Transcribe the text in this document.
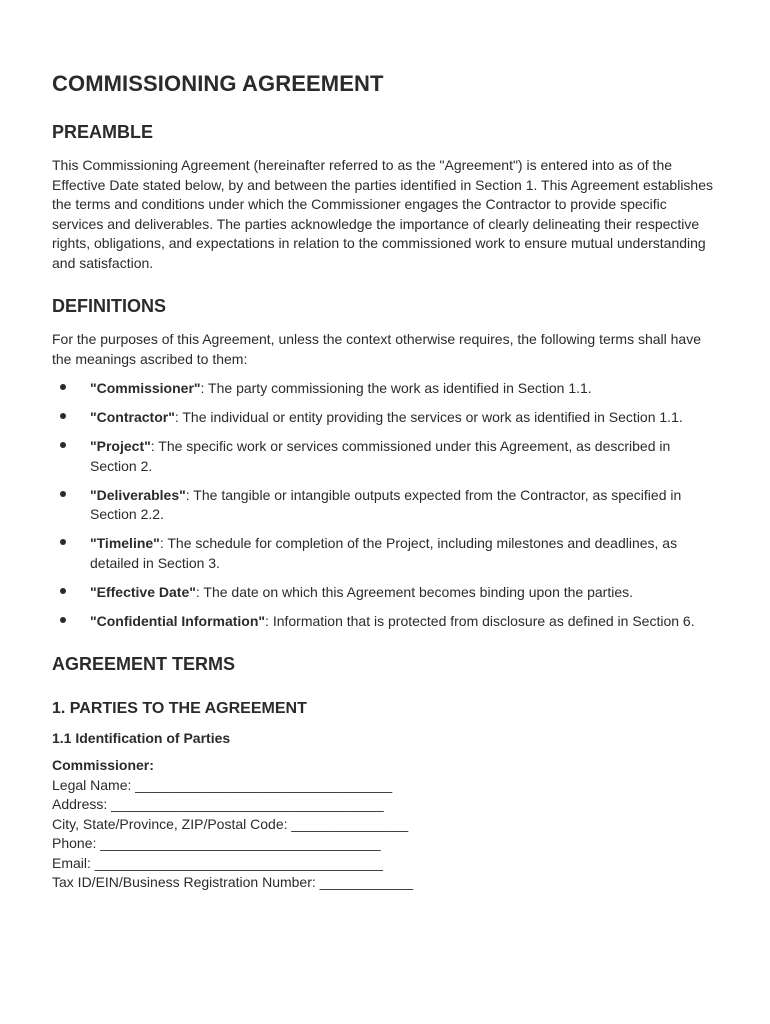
COMMISSIONING AGREEMENT
PREAMBLE

This Commissioning Agreement (hereinafter referred to as the "Agreement") is entered into as of the Effective Date stated below, by and between the parties identified in Section 1. This Agreement establishes the terms and conditions under which the Commissioner engages the Contractor to provide specific services and deliverables. The parties acknowledge the importance of clearly delineating their respective rights, obligations, and expectations in relation to the commissioned work to ensure mutual understanding and satisfaction.

DEFINITIONS

For the purposes of this Agreement, unless the context otherwise requires, the following terms shall have the meanings ascribed to them:

"Commissioner": The party commissioning the work as identified in Section 1.1.
"Contractor": The individual or entity providing the services or work as identified in Section 1.1.
"Project": The specific work or services commissioned under this Agreement, as described in Section 2.
"Deliverables": The tangible or intangible outputs expected from the Contractor, as specified in Section 2.2.
"Timeline": The schedule for completion of the Project, including milestones and deadlines, as detailed in Section 3.
"Effective Date": The date on which this Agreement becomes binding upon the parties.
"Confidential Information": Information that is protected from disclosure as defined in Section 6.
AGREEMENT TERMS
1. PARTIES TO THE AGREEMENT
1.1 Identification of Parties
Commissioner:
Legal Name: _________________________________
Address: ___________________________________
City, State/Province, ZIP/Postal Code: _______________
Phone: ____________________________________
Email: _____________________________________
Tax ID/EIN/Business Registration Number: ____________
